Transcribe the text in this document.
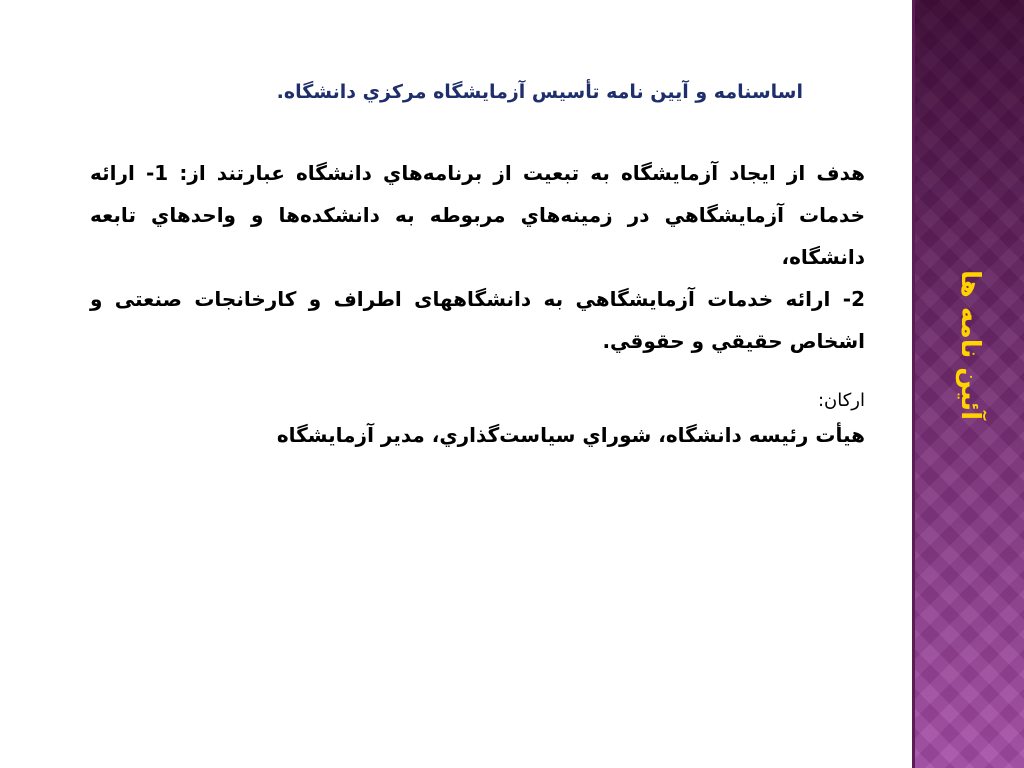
اساسنامه و آیین نامه تأسيس آزمايشگاه مركزي دانشگاه.

هدف از ايجاد آزمايشگاه به تبعيت از برنامه‌هاي دانشگاه عبارتند از: 1- ارائه خدمات آزمايشگاهي در زمينه‌هاي مربوطه به دانشكده‌ها و واحدهاي تابعه دانشگاه،

2- ارائه خدمات آزمايشگاهي به دانشگاههای اطراف و کارخانجات صنعتی و اشخاص حقيقي و حقوقي.

اركان:

هيأت رئيسه دانشگاه، شوراي سياست‌گذاري، مدير آزمايشگاه

آئین نامه ها
